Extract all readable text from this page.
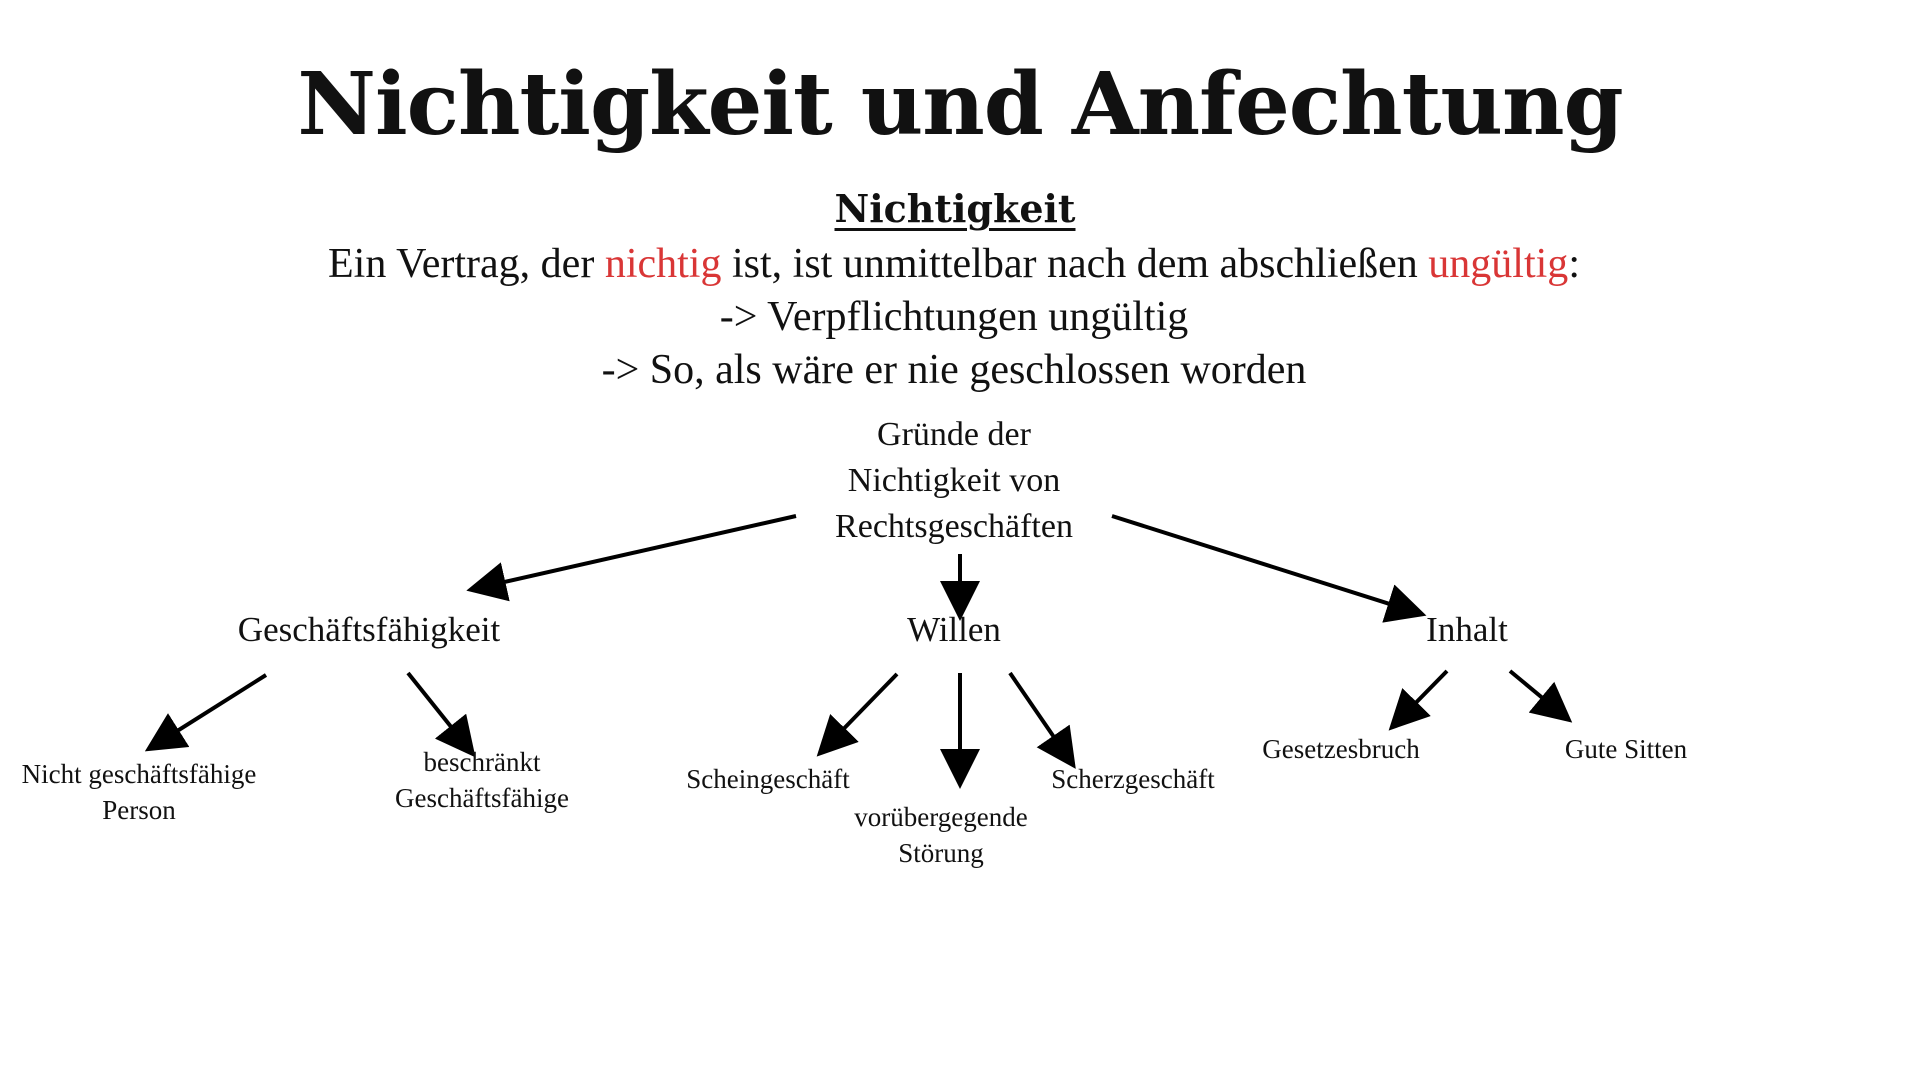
Nichtigkeit und Anfechtung
Nichtigkeit
Ein Vertrag, der nichtig ist, ist unmittelbar nach dem abschließen ungültig:
-> Verpflichtungen ungültig
-> So, als wäre er nie geschlossen worden
Gründe der
Nichtigkeit von
Rechtsgeschäften
Geschäftsfähigkeit	Willen	Inhalt
Nicht geschäftsfähige
Person
beschränkt
Geschäftsfähige
Scheingeschäft
vorübergegende
Störung
Scherzgeschäft
Gesetzesbruch	Gute Sitten
